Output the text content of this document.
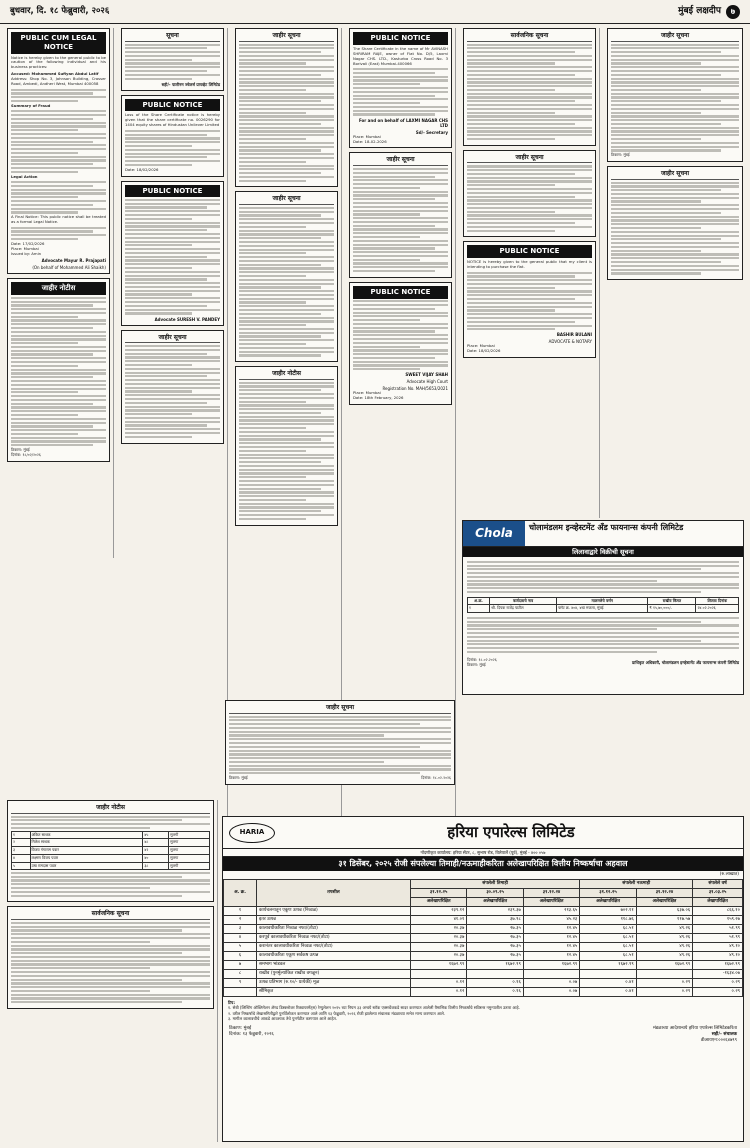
बुधवार, दि. १८ फेब्रुवारी, २०२६	मुंबई लक्षदीप	७
PUBLIC CUM LEGAL NOTICE
Notice is hereby given to the general public to be caution of the following individual and his business practices:
Accused: Mohammed Sufiyan Abdul Latif
Address: Shop No. 3, Johnson Building, Crosser Road, Ambedi, Andheri West, Mumbai 400058
Summary of Fraud
Legal Action
A Final Notice: This public notice shall be treated as a formal Legal Notice.
Date: 17/02/2026
Place: Mumbai
Issued by: Amin
Advocate Mayur R. Prajapati
(On behalf of Mohammed Ali Shaikh)
जाहीर नोटीस
ठिकाण: मुंबई
दिनांक: १८/०२/२०२६
सूचना
सही/- पालीनम ज्वेलर्स प्रायव्हेट लिमिटेड
PUBLIC NOTICE
Loss of the Share Certificate notice is hereby given that the share certificate no. 0026290 for 1404 equity shares of Hindustan Unilever Limited
Date: 18/02/2026
PUBLIC NOTICE
Advocate SURESH V. PANDEY
जाहीर सूचना
जाहीर सूचना
जाहीर सूचना
जाहीर नोटीस
PUBLIC NOTICE
The Share Certificate in the name of Mr AVINASH SHRIRAM RAJE, owner of Flat No. D/5, Laxmi Nagar CHS. LTD., Kasturba Cross Road No. 3 Borivali (East) Mumbai-400066
For and on behalf of LAXMI NAGAR CHS LTD
Sd/- Secretary
Place: Mumbai
Date: 18-02-2026
जाहीर सूचना
PUBLIC NOTICE
SWEET VIJAY SHAH
Advocate High Court
Registration No. MAH/5653/2021
Place: Mumbai
Date: 18th February, 2026
सार्वजनिक सूचना
जाहीर सूचना
PUBLIC NOTICE
NOTICE is hereby given to the general public that my client is intending to purchase the flat.
BASHIR BULANI
ADVOCATE & NOTARY
Place: Mumbai
Date: 18/02/2026
जाहीर सूचना
ठिकाण: मुंबई
जाहीर सूचना
Chola	चोलामंडलम इन्व्हेस्टमेंट ॲंड फायनान्स कंपनी लिमिटेड
लिलावाद्वारे विक्रीची सूचना
अ.क्र.	कर्जदाराचे नाव	मालमत्तेचे वर्णन	राखीव किंमत	लिलाव दिनांक
१	श्री. दिपक राजेंद्र पाटील	फ्लॅट क्र. ४०४, ४था मजला, मुंबई	₹ १५,७०,०००/-	२४.०२.२०२६
दिनांक: १८.०२.२०२६
ठिकाण: मुंबई	प्राधिकृत अधिकारी, चोलामंडलम इन्व्हेस्टमेंट ॲंड फायनान्स कंपनी लिमिटेड
जाहीर नोटीस
१	अंकित साधक	४५	मुलगी
२	निलेश साधक	४८	मुलगा
३	विजय गंगाराम पवार	४२	मुलगा
४	लक्ष्मण विजय पवार	४०	मुलगा
५	उषा रामदास पवार	३८	मुलगी
सार्वजनिक सूचना
जाहीर सूचना
ठिकाण: मुंबई	दिनांक: १८.०२.२०२६
HARIA	हरिया एपारेल्स लिमिटेड
नोंदणीकृत कार्यालय: हरिया सेंटर, ८, सुभाष रोड, विलेपार्ले (पूर्व), मुंबई - ४०० ०५७
३१ डिसेंबर, २०२५ रोजी संपलेल्या तिमाही/नऊमाहीकरिता अलेखापरिक्षित वित्तीय निष्कर्षाचा अहवाल
(रु.लाखात)
अ. क्र.	तपशील	संपलेली तिमाही			संपलेली नऊमाही		संपलेले वर्ष
		३१.१२.२५	३०.०९.२५	३१.१२.२४	३१.१२.२५	३१.१२.२४	३१.०३.२५
		अलेखापरिक्षित	अलेखापरिक्षित	अलेखापरिक्षित	अलेखापरिक्षित	अलेखापरिक्षित	लेखापरिक्षित
१	कार्यचलनातून एकूण उत्पन्न (निव्वळ)	२३९.१२	२३९.३७	२१३.६५	७०२.११	६३७.०६	८६६.१०
२	इतर उत्पन्न	४१.०१	३७.९८	४५.२३	११८.७६	११७.५७	१५९.२७
३	कालावधीकरिता निव्वळ नफा/(तोटा)	२०.३७	२७.३५	१२.४५	६८.५१	४९.२६	५१.९९
४	करपूर्व कालावधीकरिता निव्वळ नफा/(तोटा)	२०.३७	२७.३५	१२.४५	६८.५१	४९.२६	५१.९९
५	करानंतर कालावधीकरिता निव्वळ नफा/(तोटा)	२०.३७	२७.३५	१२.४५	६८.५१	४९.२६	४९.१०
६	कालावधीकरिता एकूण सर्वंकष उत्पन्न	२०.३७	२७.३५	१२.४५	६८.५१	४९.२६	४९.१०
७	समभाग भांडवल	१६७२.९९	१६७२.९९	१६७२.९९	१६७२.९९	१६७२.९९	१६७२.९९
८	राखीव (पुनर्मुल्यांकित राखीव वगळून)						-१६३४.०७
९	उत्पन्न प्रतिभाग (रु.१०/- प्रत्येकी) मूळ	०.१२	०.१६	०.०७	०.४१	०.२९	०.२९
	सौमिकृत	०.१२	०.१६	०.०७	०.४१	०.२९	०.२९
टिप:
१. सेबी (लिस्टिंग ऑब्लिगेशन ॲण्ड डिस्क्लोजर रिक्वायरमेंट्स) रेग्युलेशन २०१५ च्या नियम ३३ अन्वये स्टॉक एक्सचेंजकडे सादर करण्यात आलेली त्रैमासिक वित्तीय निष्कर्षाचे सविस्तर नमुन्यातील उतारा आहे.
२. वरील निष्कर्षाचे लेखासमितीद्वारे पुनर्विलोकन करण्यात आले आणि १३ फेब्रुवारी, २०२६ रोजी झालेल्या संचालक मंडळाच्या सभेत मान्य करण्यात आले.
३. मागील कालावधीचे आकडे आवश्यक तेथे पुनर्गठीत करण्यात आले आहेत.
ठिकाण: मुंबई
दिनांक: १३ फेब्रुवारी, २०२६
मंडळाच्या आदेशान्वये हरिया एपारेल्स लिमिटेडकरिता
सही/- संचालक
डीआयएन:०००६४७९९
